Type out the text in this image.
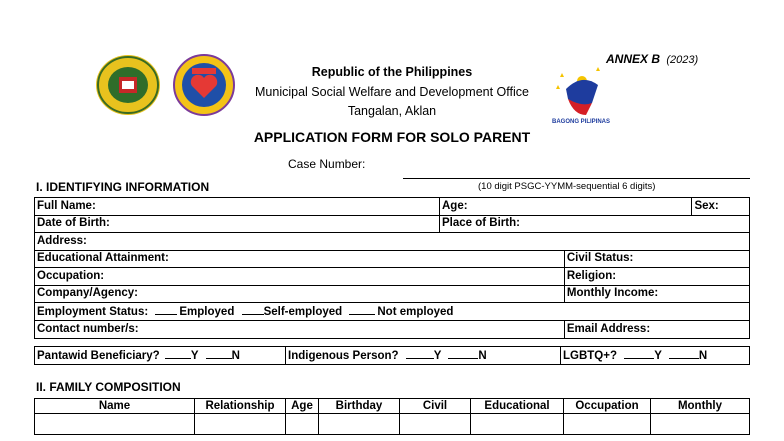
ANNEX B (2023)
BAGONG PILIPINAS
Republic of the Philippines
Municipal Social Welfare and Development Office
Tangalan, Aklan
APPLICATION FORM FOR SOLO PARENT
Case Number:
(10 digit PSGC-YYMM-sequential 6 digits)
I. IDENTIFYING INFORMATION
Full Name:	Age:		Sex:
Date of Birth:	Place of Birth:		
Address:			
Educational Attainment:		Civil Status:	
Occupation:		Religion:	
Company/Agency:		Monthly Income:	
Employment Status: Employed Self-employed Not employed			
Contact number/s:		Email Address:	
Pantawid Beneficiary?	Y	N	Indigenous Person?	Y	N	LGBTQ+?	Y	N
II. FAMILY COMPOSITION
Name	Relationship	Age	Birthday	Civil	Educational	Occupation	Monthly
